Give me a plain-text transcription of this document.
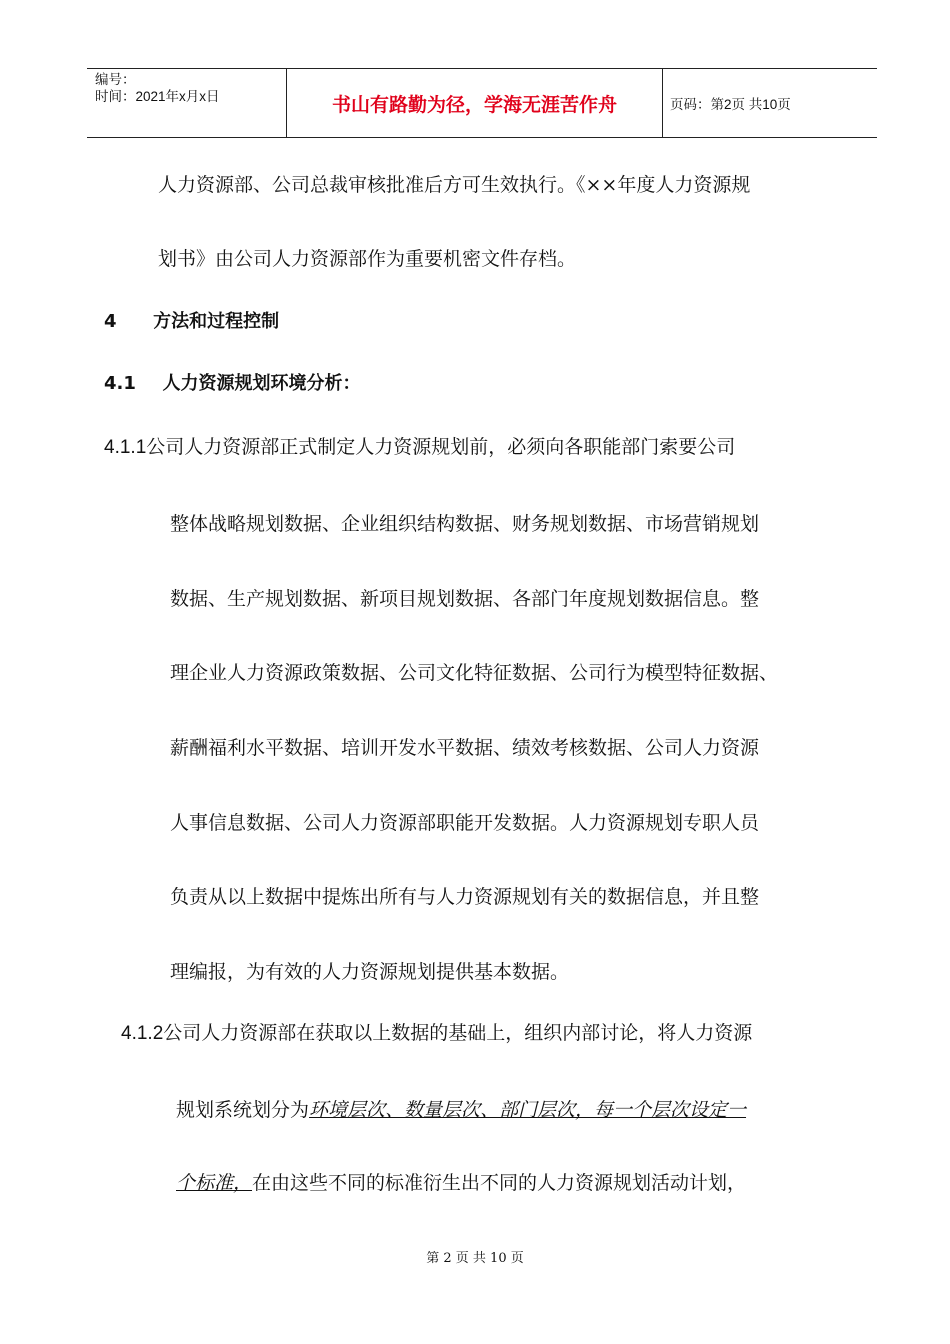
编号：
时间：2021年x月x日	书山有路勤为径，学海无涯苦作舟	页码：第2页 共10页
人力资源部、公司总裁审核批准后方可生效执行。《××年度人力资源规
划书》由公司人力资源部作为重要机密文件存档。
4 方法和过程控制
4.1 人力资源规划环境分析：
4.1.1公司人力资源部正式制定人力资源规划前，必须向各职能部门索要公司
整体战略规划数据、企业组织结构数据、财务规划数据、市场营销规划
数据、生产规划数据、新项目规划数据、各部门年度规划数据信息。整
理企业人力资源政策数据、公司文化特征数据、公司行为模型特征数据、
薪酬福利水平数据、培训开发水平数据、绩效考核数据、公司人力资源
人事信息数据、公司人力资源部职能开发数据。人力资源规划专职人员
负责从以上数据中提炼出所有与人力资源规划有关的数据信息，并且整
理编报，为有效的人力资源规划提供基本数据。
4.1.2公司人力资源部在获取以上数据的基础上，组织内部讨论，将人力资源
规划系统划分为环境层次、数量层次、部门层次，每一个层次设定一
个标准，在由这些不同的标准衍生出不同的人力资源规划活动计划，
第 2 页 共 10 页
